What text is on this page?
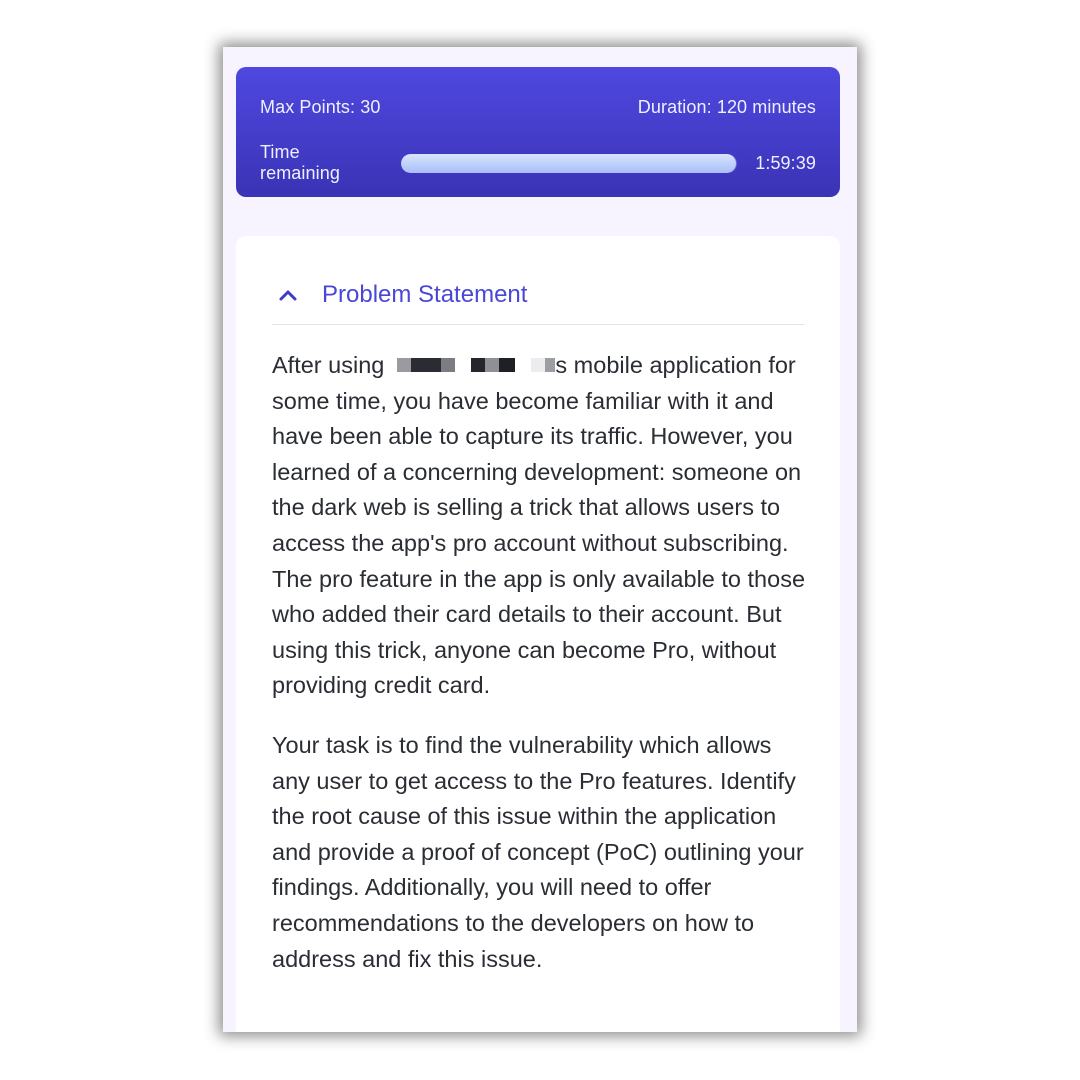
Max Points: 30	Duration: 120 minutes
Time remaining
1:59:39
Problem Statement

After using	s mobile application for some time, you have become familiar with it and have been able to capture its traffic. However, you learned of a concerning development: someone on the dark web is selling a trick that allows users to access the app's pro account without subscribing. The pro feature in the app is only available to those who added their card details to their account. But using this trick, anyone can become Pro, without providing credit card.

Your task is to find the vulnerability which allows any user to get access to the Pro features. Identify the root cause of this issue within the application and provide a proof of concept (PoC) outlining your findings. Additionally, you will need to offer recommendations to the developers on how to address and fix this issue.
